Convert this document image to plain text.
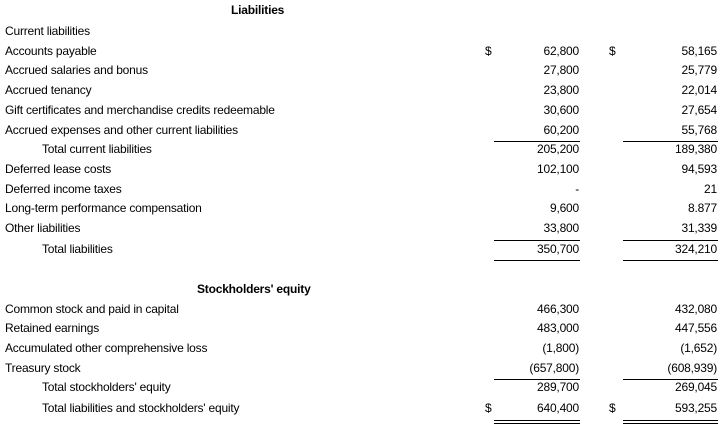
Liabilities
Current liabilities
Accounts payable	$	62,800	$	58,165
Accrued salaries and bonus	27,800	25,779
Accrued tenancy	23,800	22,014
Gift certificates and merchandise credits redeemable	30,600	27,654
Accrued expenses and other current liabilities	60,200	55,768
Total current liabilities	205,200	189,380
Deferred lease costs	102,100	94,593
Deferred income taxes	-	21
Long-term performance compensation	9,600	8.877
Other liabilities	33,800	31,339
Total liabilities	350,700	324,210
Stockholders' equity
Common stock and paid in capital	466,300	432,080
Retained earnings	483,000	447,556
Accumulated other comprehensive loss	(1,800)	(1,652)
Treasury stock	(657,800)	(608,939)
Total stockholders' equity	289,700	269,045
Total liabilities and stockholders' equity	$	640,400	$	593,255
